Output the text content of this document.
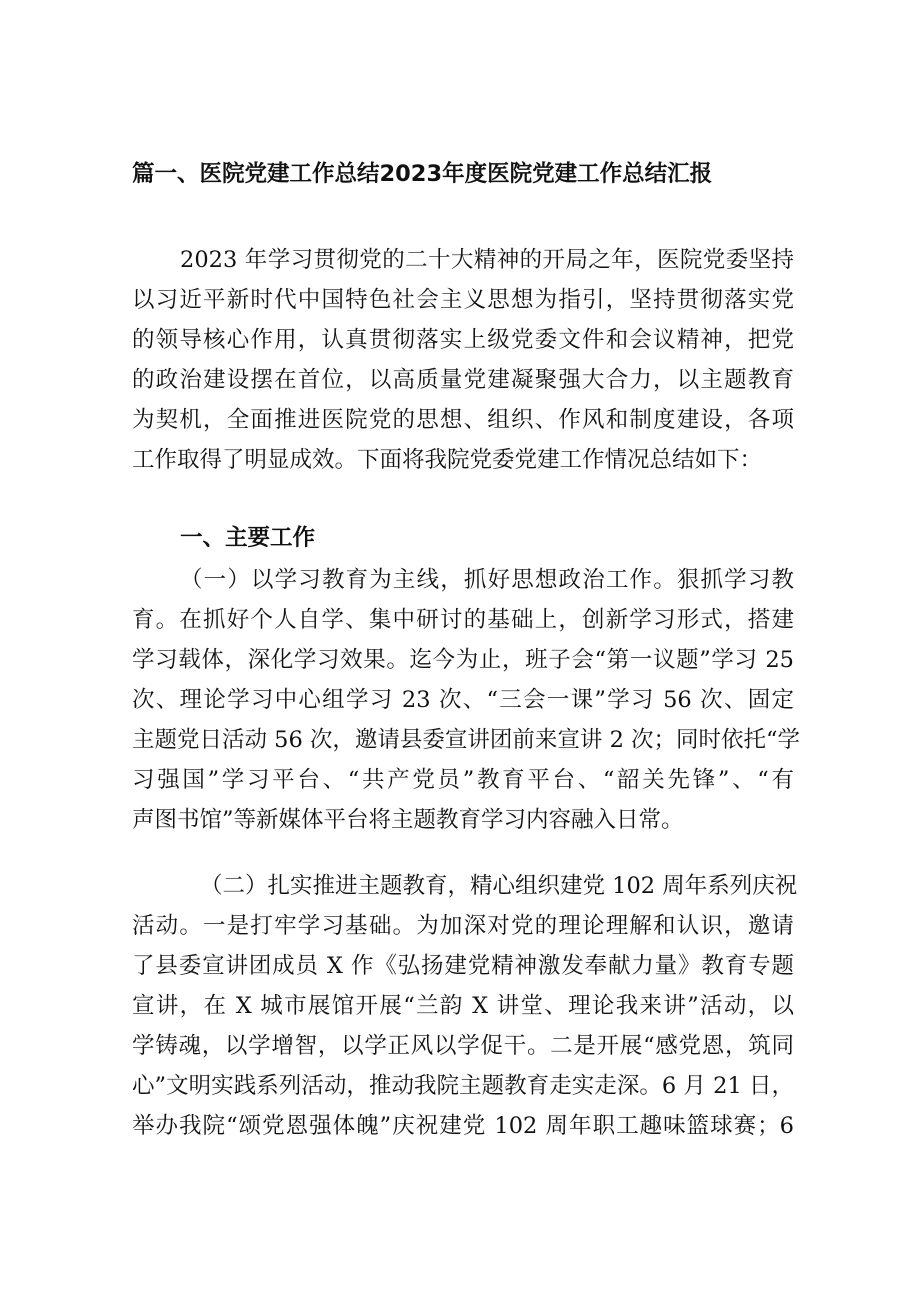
篇一、医院党建工作总结2023年度医院党建工作总结汇报
2023 年学习贯彻党的二十大精神的开局之年，医院党委坚持
以习近平新时代中国特色社会主义思想为指引，坚持贯彻落实党
的领导核心作用，认真贯彻落实上级党委文件和会议精神，把党
的政治建设摆在首位，以高质量党建凝聚强大合力，以主题教育
为契机，全面推进医院党的思想、组织、作风和制度建设，各项
工作取得了明显成效。下面将我院党委党建工作情况总结如下：
一、主要工作
（一）以学习教育为主线，抓好思想政治工作。狠抓学习教
育。在抓好个人自学、集中研讨的基础上，创新学习形式，搭建
学习载体，深化学习效果。迄今为止，班子会“第一议题”学习 25
次、理论学习中心组学习 23 次、“三会一课”学习 56 次、固定
主题党日活动 56 次，邀请县委宣讲团前来宣讲 2 次；同时依托“学
习强国”学习平台、“共产党员”教育平台、“韶关先锋”、“有
声图书馆”等新媒体平台将主题教育学习内容融入日常。
（二）扎实推进主题教育，精心组织建党 102 周年系列庆祝
活动。一是打牢学习基础。为加深对党的理论理解和认识，邀请
了县委宣讲团成员 X 作《弘扬建党精神激发奉献力量》教育专题
宣讲，在 X 城市展馆开展“兰韵 X 讲堂、理论我来讲”活动，以
学铸魂，以学增智，以学正风以学促干。二是开展“感党恩，筑同
心”文明实践系列活动，推动我院主题教育走实走深。6 月 21 日，
举办我院“颂党恩强体魄”庆祝建党 102 周年职工趣味篮球赛；6
